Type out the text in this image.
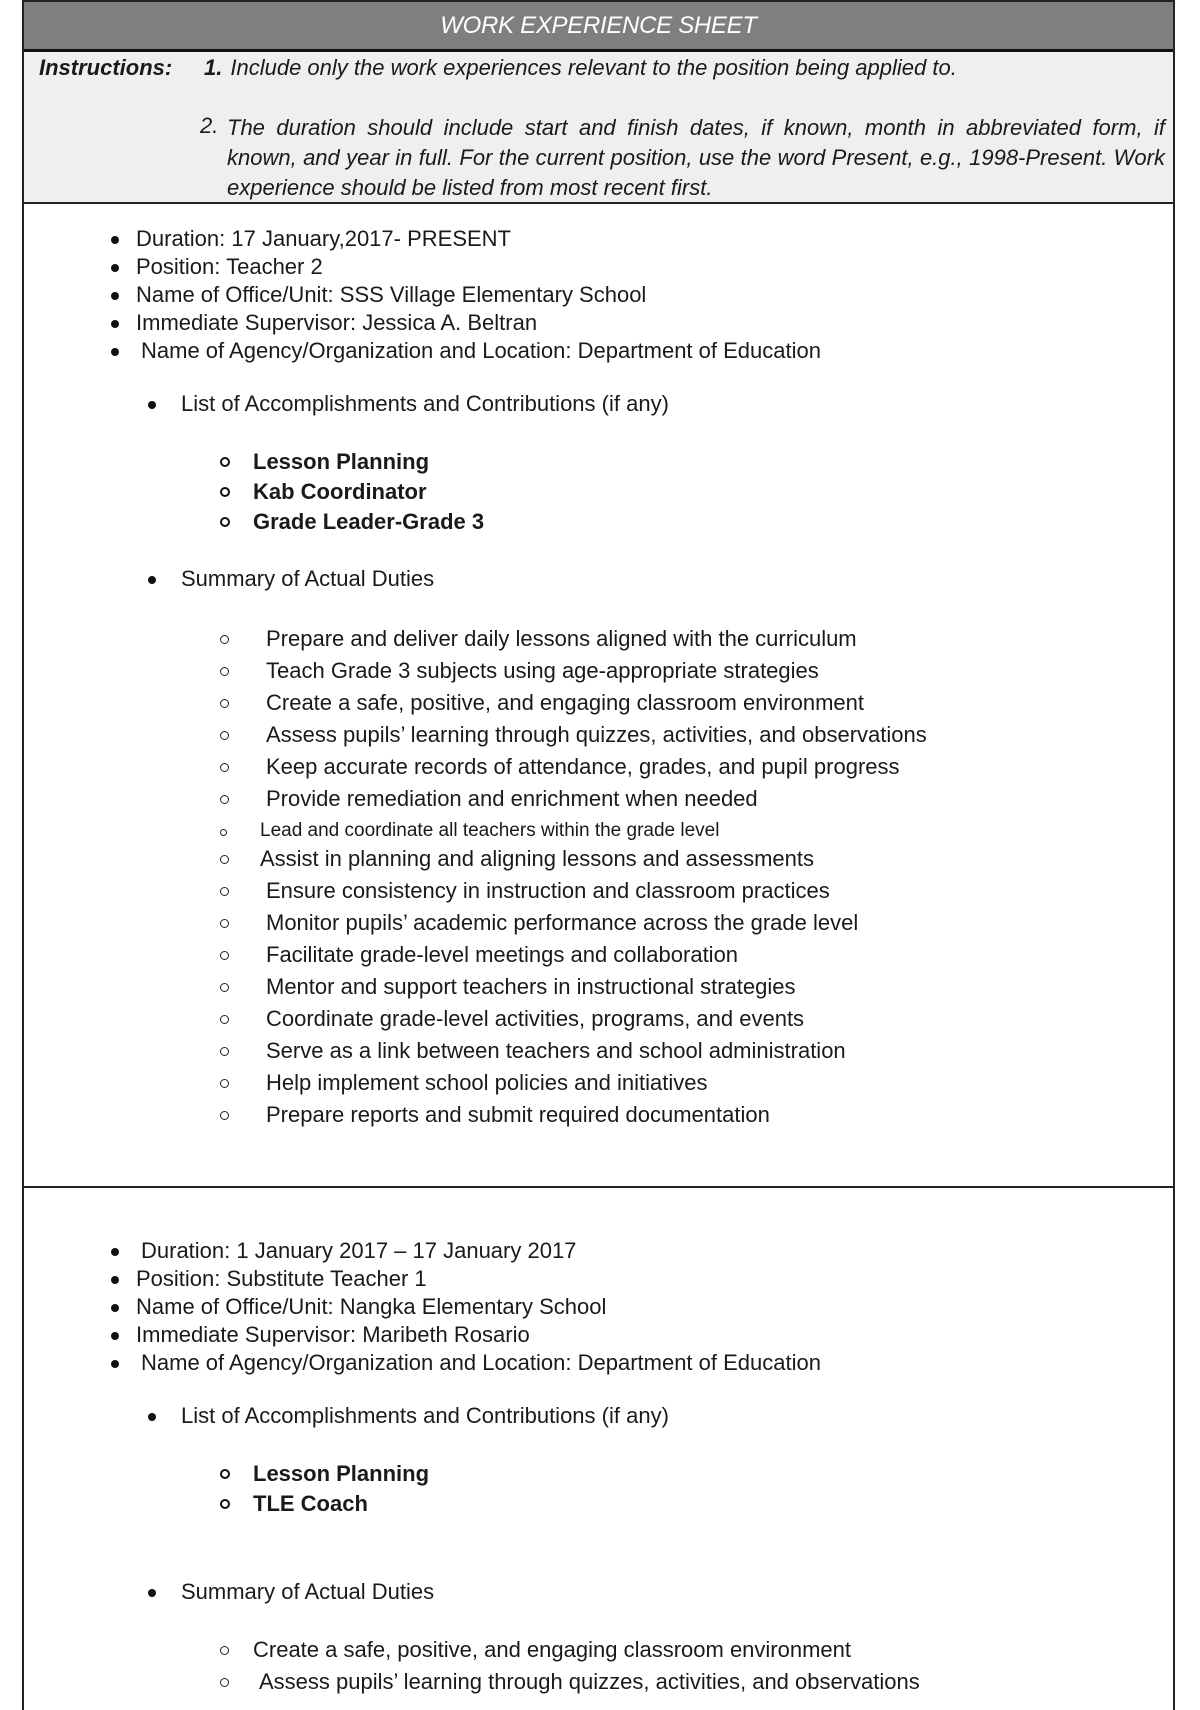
WORK EXPERIENCE SHEET
Instructions: 1. Include only the work experiences relevant to the position being applied to.
2. The duration should include start and finish dates, if known, month in abbreviated form, if known, and year in full. For the current position, use the word Present, e.g., 1998-Present. Work experience should be listed from most recent first.
Duration: 17 January,2017- PRESENT
Position: Teacher 2
Name of Office/Unit: SSS Village Elementary School
Immediate Supervisor: Jessica A. Beltran
Name of Agency/Organization and Location: Department of Education
List of Accomplishments and Contributions (if any)
Lesson Planning
Kab Coordinator
Grade Leader-Grade 3
Summary of Actual Duties
Prepare and deliver daily lessons aligned with the curriculum
Teach Grade 3 subjects using age-appropriate strategies
Create a safe, positive, and engaging classroom environment
Assess pupils’ learning through quizzes, activities, and observations
Keep accurate records of attendance, grades, and pupil progress
Provide remediation and enrichment when needed
Lead and coordinate all teachers within the grade level
Assist in planning and aligning lessons and assessments
Ensure consistency in instruction and classroom practices
Monitor pupils’ academic performance across the grade level
Facilitate grade-level meetings and collaboration
Mentor and support teachers in instructional strategies
Coordinate grade-level activities, programs, and events
Serve as a link between teachers and school administration
Help implement school policies and initiatives
Prepare reports and submit required documentation
Duration: 1 January 2017 – 17 January 2017
Position: Substitute Teacher 1
Name of Office/Unit: Nangka Elementary School
Immediate Supervisor: Maribeth Rosario
Name of Agency/Organization and Location: Department of Education
List of Accomplishments and Contributions (if any)
Lesson Planning
TLE Coach
Summary of Actual Duties
Create a safe, positive, and engaging classroom environment
Assess pupils’ learning through quizzes, activities, and observations
